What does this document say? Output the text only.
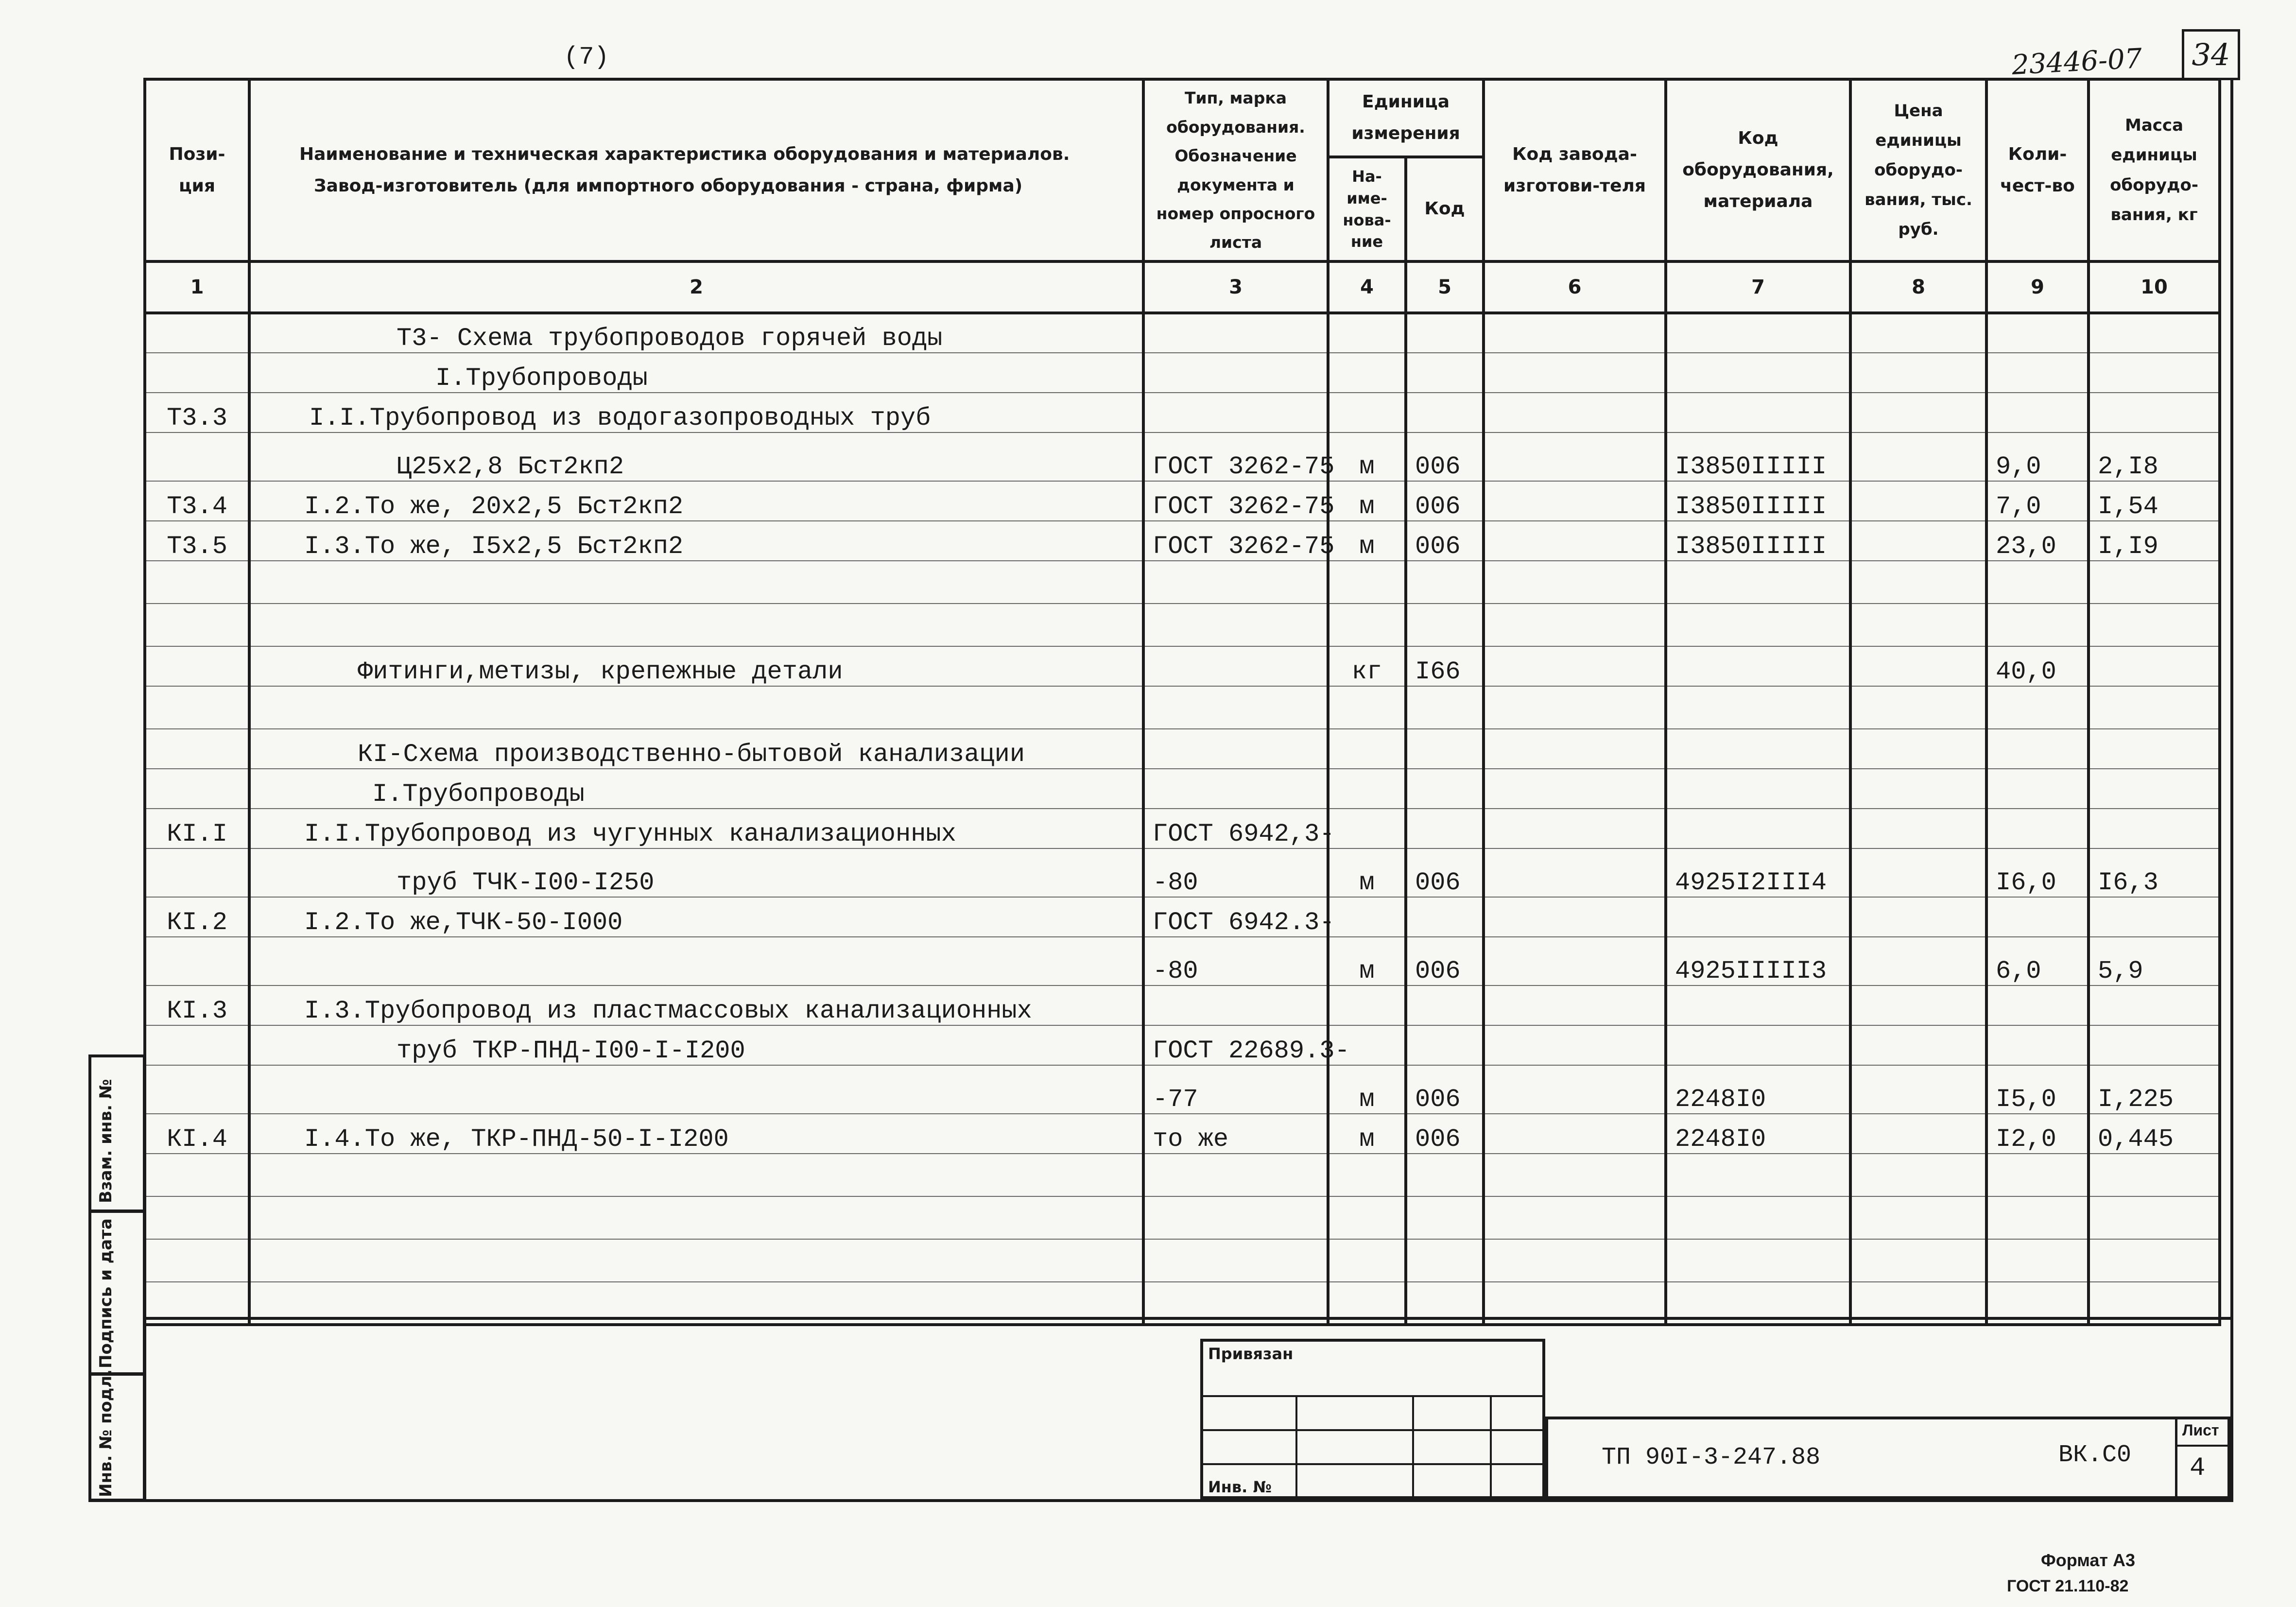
(7)	23446-07 34
Пози-ция	Наименование и техническая характеристика оборудования и материалов.
Завод-изготовитель (для импортного оборудования - страна, фирма)	Тип, марка оборудования. Обозначение документа и номер опросного листа	Единица измерения		Код завода-изготови-теля	Код оборудования, материала	Цена единицы оборудо-вания, тыс. руб.	Коли-чест-во	Масса единицы оборудо-вания, кг
			На-име-нова-ние	Код					
1	2	3	4	5	6	7	8	9	10
	Т3- Схема трубопроводов горячей воды								
	I.Трубопроводы								
Т3.3	I.I.Трубопровод из водогазопроводных труб								
	Ц25х2,8 Бст2кп2	ГОСТ 3262-75	м	006		I3850IIIII		9,0	2,I8
Т3.4	I.2.То же, 20х2,5 Бст2кп2	ГОСТ 3262-75	м	006		I3850IIIII		7,0	I,54
Т3.5	I.3.То же, I5х2,5 Бст2кп2	ГОСТ 3262-75	м	006		I3850IIIII		23,0	I,I9

	Фитинги,метизы, крепежные детали		кг	I66				40,0	

	КI-Схема производственно-бытовой канализации								
	I.Трубопроводы								
КI.I	I.I.Трубопровод из чугунных канализационных	ГОСТ 6942,3-							
	труб ТЧК-I00-I250	-80	м	006		4925I2III4		I6,0	I6,3
КI.2	I.2.То же,ТЧК-50-I000	ГОСТ 6942.3-							
		-80	м	006		4925IIIII3		6,0	5,9
КI.3	I.3.Трубопровод из пластмассовых канализационных								
	труб ТКР-ПНД-I00-I-I200	ГОСТ 22689.3-							
		-77	м	006		2248I0		I5,0	I,225
КI.4	I.4.То же, ТКР-ПНД-50-I-I200	то же	м	006		2248I0		I2,0	0,445

Взам. инв. №
Подпись и дата
Инв. № подл.
Привязан
Инв. №
ТП 90I-3-247.88	ВК.С0
Лист
4
Формат А3
ГОСТ 21.110-82
